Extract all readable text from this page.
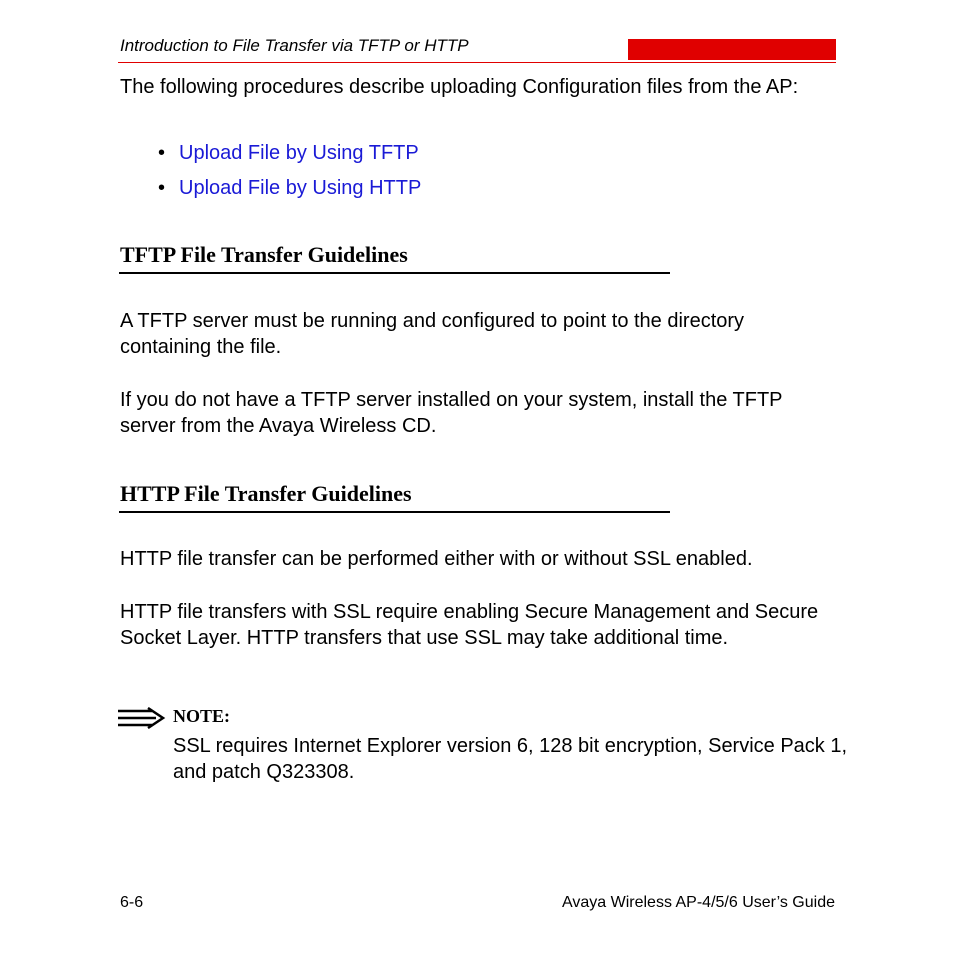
Introduction to File Transfer via TFTP or HTTP
The following procedures describe uploading Configuration files from the AP:
• Upload File by Using TFTP
• Upload File by Using HTTP
TFTP File Transfer Guidelines
A TFTP server must be running and configured to point to the directory containing the file.
If you do not have a TFTP server installed on your system, install the TFTP server from the Avaya Wireless CD.
HTTP File Transfer Guidelines
HTTP file transfer can be performed either with or without SSL enabled.
HTTP file transfers with SSL require enabling Secure Management and Secure Socket Layer. HTTP transfers that use SSL may take additional time.
NOTE:
SSL requires Internet Explorer version 6, 128 bit encryption, Service Pack 1, and patch Q323308.
6-6	Avaya Wireless AP-4/5/6 User’s Guide
